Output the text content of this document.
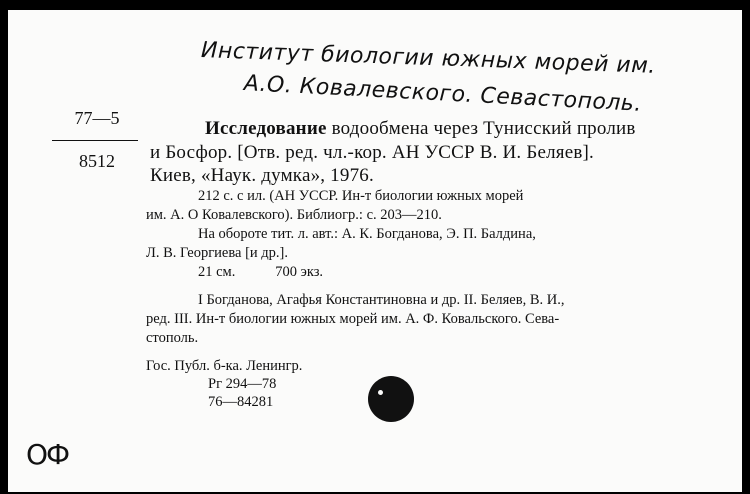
Институт биологии южных морей им.
А.О. Ковалевского. Севастополь.
77—5
8512
Исследование водообмена через Тунисский пролив
и Босфор. [Отв. ред. чл.-кор. АН УССР В. И. Беляев].
Киев, «Наук. думка», 1976.
212 с. с ил. (АН УССР. Ин-т биологии южных морей
им. А. О Ковалевского). Библиогр.: с. 203—210.
На обороте тит. л. авт.: А. К. Богданова, Э. П. Балдина,
Л. В. Георгиева [и др.].
21 см.           700 экз.
I Богданова, Агафья Константиновна и др. II. Беляев, В. И.,
ред. III. Ин-т биологии южных морей им. А. Ф. Ковальского. Сева-
стополь.
Гос. Публ. б-ка. Ленингр.
Рг 294—78
76—84281
ОФ
